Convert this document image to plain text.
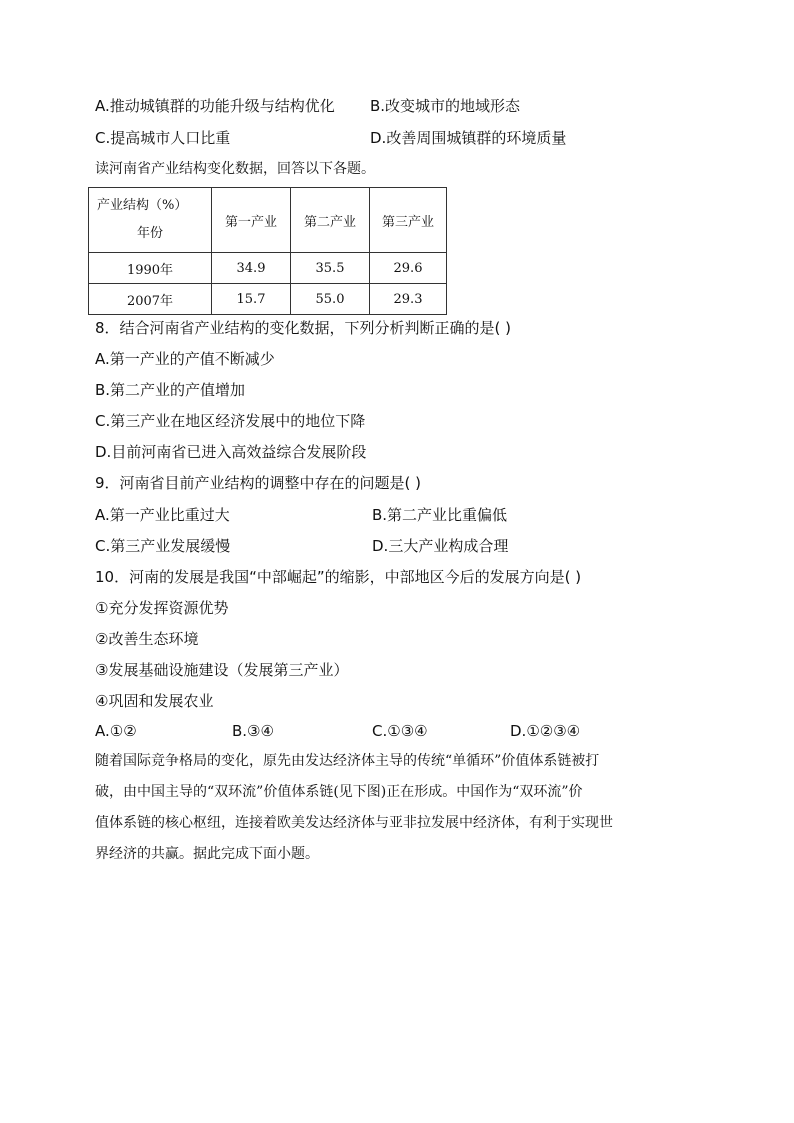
A.推动城镇群的功能升级与结构优化 B.改变城市的地域形态
C.提高城市人口比重	D.改善周围城镇群的环境质量
读河南省产业结构变化数据，回答以下各题。
产业结构（%）
年份	第一产业	第二产业	第三产业
1990年	34.9	35.5	29.6
2007年	15.7	55.0	29.3
8．结合河南省产业结构的变化数据，下列分析判断正确的是( )
A.第一产业的产值不断减少
B.第二产业的产值增加
C.第三产业在地区经济发展中的地位下降
D.目前河南省已进入高效益综合发展阶段
9．河南省目前产业结构的调整中存在的问题是( )
A.第一产业比重过大	B.第二产业比重偏低
C.第三产业发展缓慢	D.三大产业构成合理
10．河南的发展是我国“中部崛起”的缩影，中部地区今后的发展方向是( )
①充分发挥资源优势
②改善生态环境
③发展基础设施建设（发展第三产业）
④巩固和发展农业
A.①②	B.③④	C.①③④	D.①②③④
随着国际竞争格局的变化，原先由发达经济体主导的传统“单循环”价值体系链被打
破，由中国主导的“双环流”价值体系链(见下图)正在形成。中国作为“双环流”价
值体系链的核心枢纽，连接着欧美发达经济体与亚非拉发展中经济体，有利于实现世
界经济的共赢。据此完成下面小题。
